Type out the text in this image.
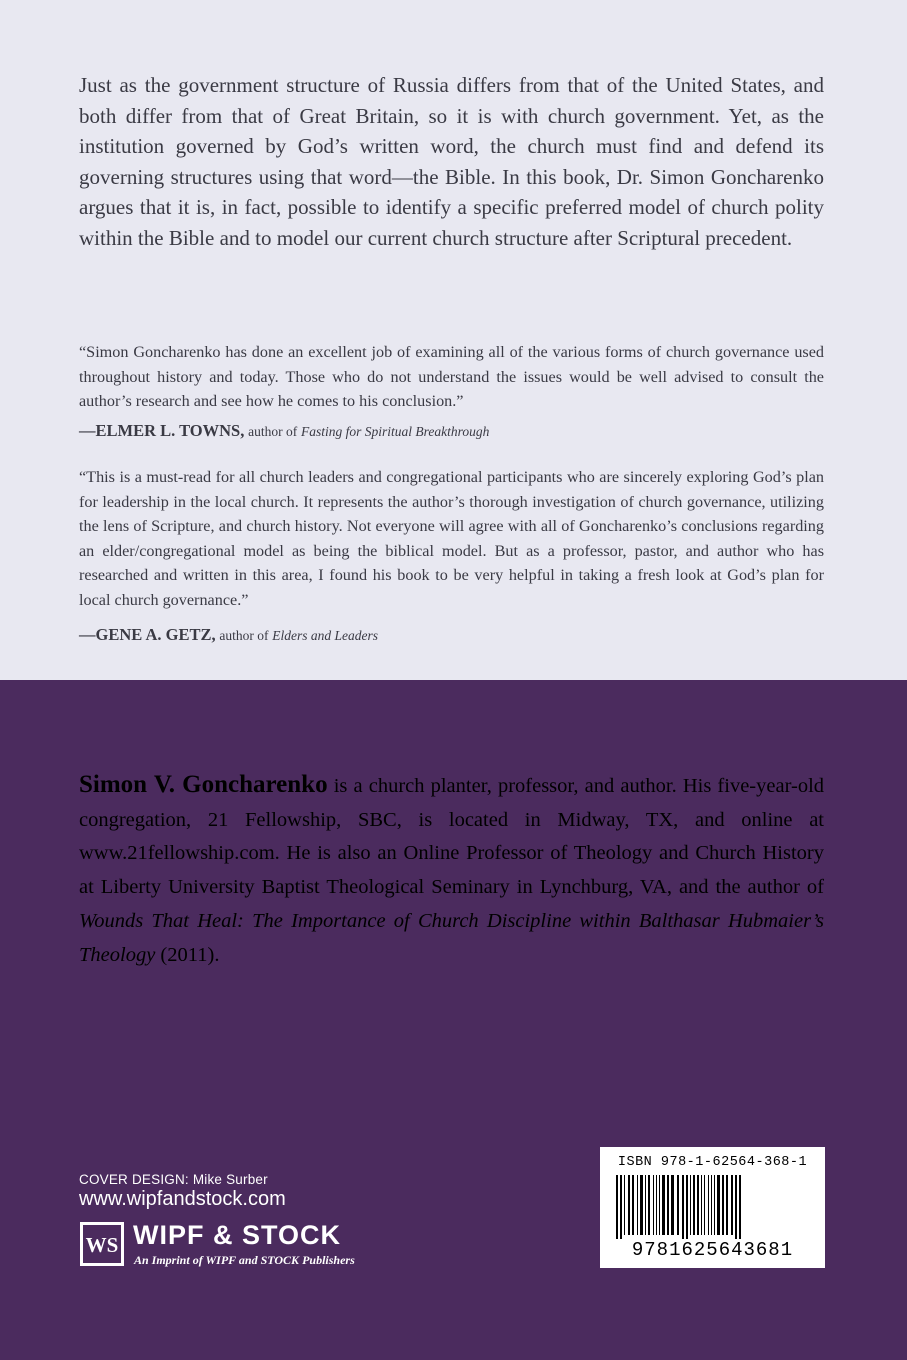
Just as the government structure of Russia differs from that of the United States, and both differ from that of Great Britain, so it is with church government. Yet, as the institution governed by God’s written word, the church must find and defend its governing structures using that word—the Bible. In this book, Dr. Simon Goncharenko argues that it is, in fact, possible to identify a specific preferred model of church polity within the Bible and to model our current church structure after Scriptural precedent.

“Simon Goncharenko has done an excellent job of examining all of the various forms of church governance used throughout history and today. Those who do not understand the issues would be well advised to consult the author’s research and see how he comes to his conclusion.”

—ELMER L. TOWNS, author of Fasting for Spiritual Breakthrough

“This is a must-read for all church leaders and congregational participants who are sincerely exploring God’s plan for leadership in the local church. It represents the author’s thorough investigation of church governance, utilizing the lens of Scripture, and church history. Not everyone will agree with all of Goncharenko’s conclusions regarding an elder/congregational model as being the biblical model. But as a professor, pastor, and author who has researched and written in this area, I found his book to be very helpful in taking a fresh look at God’s plan for local church governance.”

—GENE A. GETZ, author of Elders and Leaders

Simon V. Goncharenko is a church planter, professor, and author. His five-year-old congregation, 21 Fellowship, SBC, is located in Midway, TX, and online at www.21fellowship.com. He is also an Online Professor of Theology and Church History at Liberty University Baptist Theological Seminary in Lynchburg, VA, and the author of Wounds That Heal: The Importance of Church Discipline within Balthasar Hubmaier’s Theology (2011).

COVER DESIGN: Mike Surber
www.wipfandstock.com
WS WIPF & STOCK
An Imprint of WIPF and STOCK Publishers
ISBN 978-1-62564-368-1
9781625643681
